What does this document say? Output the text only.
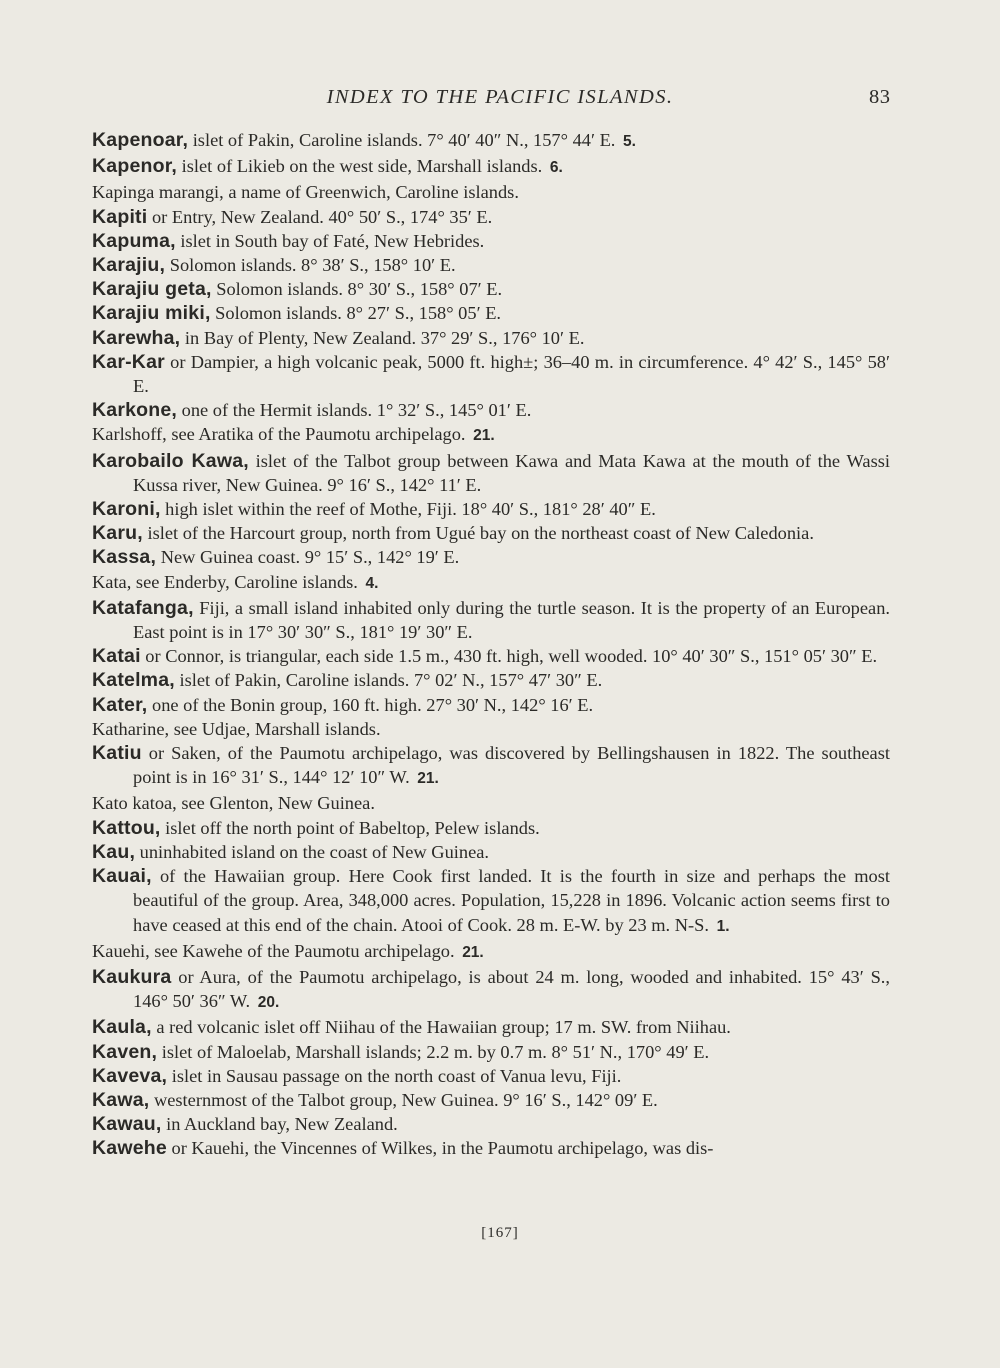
INDEX TO THE PACIFIC ISLANDS.	83
Kapenoar, islet of Pakin, Caroline islands. 7° 40′ 40″ N., 157° 44′ E. 5.
Kapenor, islet of Likieb on the west side, Marshall islands. 6.
Kapinga marangi, a name of Greenwich, Caroline islands.
Kapiti or Entry, New Zealand. 40° 50′ S., 174° 35′ E.
Kapuma, islet in South bay of Faté, New Hebrides.
Karajiu, Solomon islands. 8° 38′ S., 158° 10′ E.
Karajiu geta, Solomon islands. 8° 30′ S., 158° 07′ E.
Karajiu miki, Solomon islands. 8° 27′ S., 158° 05′ E.
Karewha, in Bay of Plenty, New Zealand. 37° 29′ S., 176° 10′ E.
Kar-Kar or Dampier, a high volcanic peak, 5000 ft. high±; 36–40 m. in circumference. 4° 42′ S., 145° 58′ E.
Karkone, one of the Hermit islands. 1° 32′ S., 145° 01′ E.
Karlshoff, see Aratika of the Paumotu archipelago. 21.
Karobailo Kawa, islet of the Talbot group between Kawa and Mata Kawa at the mouth of the Wassi Kussa river, New Guinea. 9° 16′ S., 142° 11′ E.
Karoni, high islet within the reef of Mothe, Fiji. 18° 40′ S., 181° 28′ 40″ E.
Karu, islet of the Harcourt group, north from Ugué bay on the northeast coast of New Caledonia.
Kassa, New Guinea coast. 9° 15′ S., 142° 19′ E.
Kata, see Enderby, Caroline islands. 4.
Katafanga, Fiji, a small island inhabited only during the turtle season. It is the property of an European. East point is in 17° 30′ 30″ S., 181° 19′ 30″ E.
Katai or Connor, is triangular, each side 1.5 m., 430 ft. high, well wooded. 10° 40′ 30″ S., 151° 05′ 30″ E.
Katelma, islet of Pakin, Caroline islands. 7° 02′ N., 157° 47′ 30″ E.
Kater, one of the Bonin group, 160 ft. high. 27° 30′ N., 142° 16′ E.
Katharine, see Udjae, Marshall islands.
Katiu or Saken, of the Paumotu archipelago, was discovered by Bellingshausen in 1822. The southeast point is in 16° 31′ S., 144° 12′ 10″ W. 21.
Kato katoa, see Glenton, New Guinea.
Kattou, islet off the north point of Babeltop, Pelew islands.
Kau, uninhabited island on the coast of New Guinea.
Kauai, of the Hawaiian group. Here Cook first landed. It is the fourth in size and perhaps the most beautiful of the group. Area, 348,000 acres. Population, 15,228 in 1896. Volcanic action seems first to have ceased at this end of the chain. Atooi of Cook. 28 m. E-W. by 23 m. N-S. 1.
Kauehi, see Kawehe of the Paumotu archipelago. 21.
Kaukura or Aura, of the Paumotu archipelago, is about 24 m. long, wooded and inhabited. 15° 43′ S., 146° 50′ 36″ W. 20.
Kaula, a red volcanic islet off Niihau of the Hawaiian group; 17 m. SW. from Niihau.
Kaven, islet of Maloelab, Marshall islands; 2.2 m. by 0.7 m. 8° 51′ N., 170° 49′ E.
Kaveva, islet in Sausau passage on the north coast of Vanua levu, Fiji.
Kawa, westernmost of the Talbot group, New Guinea. 9° 16′ S., 142° 09′ E.
Kawau, in Auckland bay, New Zealand.
Kawehe or Kauehi, the Vincennes of Wilkes, in the Paumotu archipelago, was dis-
[167]
